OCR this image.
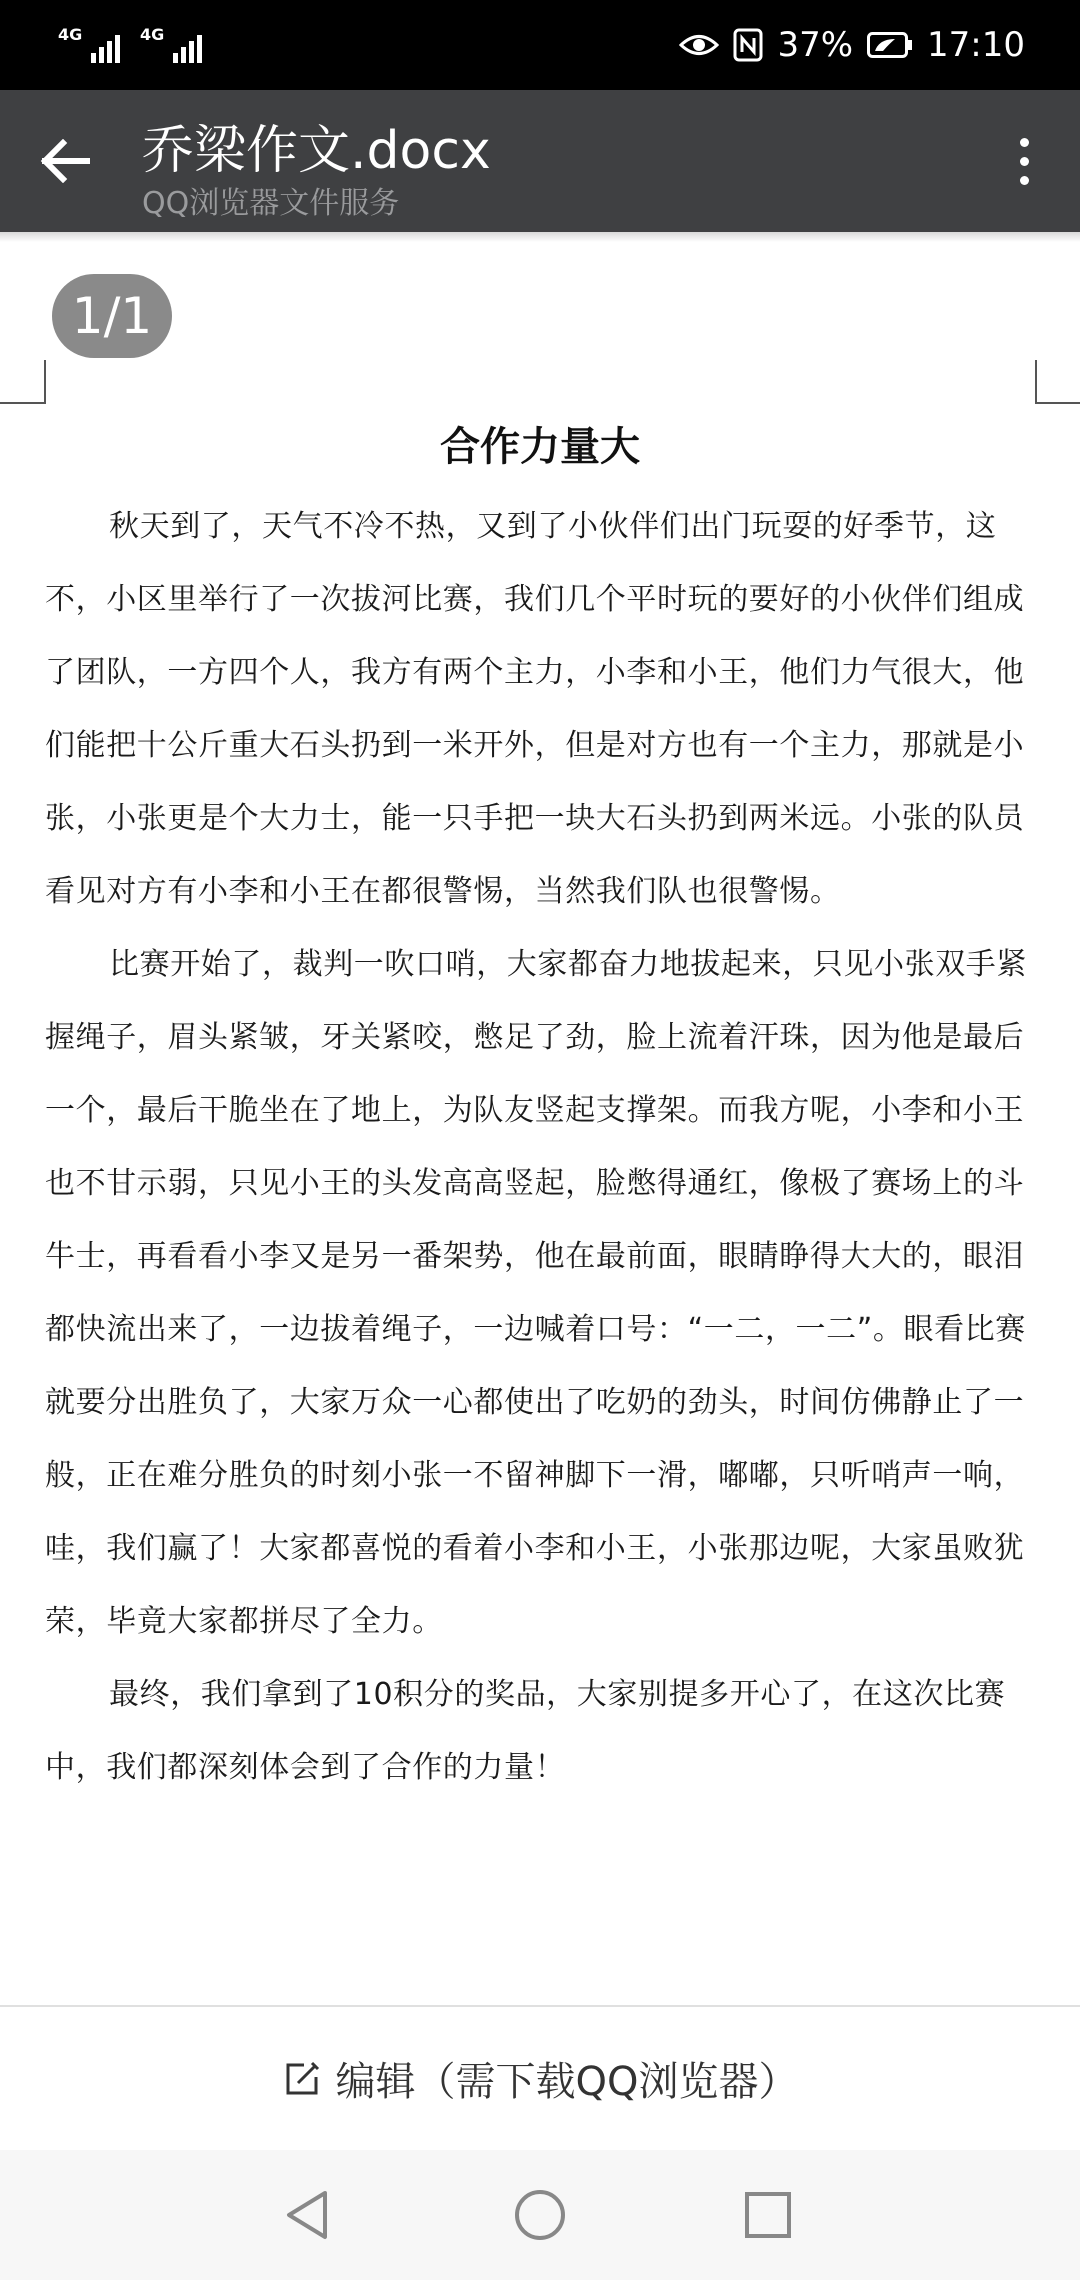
4G	4G	37% 17:10
乔梁作文.docx
QQ浏览器文件服务
1/1
合作力量大

秋天到了，天气不冷不热，又到了小伙伴们出门玩耍的好季节，这不，小区里举行了一次拔河比赛，我们几个平时玩的要好的小伙伴们组成了团队，一方四个人，我方有两个主力，小李和小王，他们力气很大，他们能把十公斤重大石头扔到一米开外，但是对方也有一个主力，那就是小张，小张更是个大力士，能一只手把一块大石头扔到两米远。小张的队员看见对方有小李和小王在都很警惕，当然我们队也很警惕。

比赛开始了，裁判一吹口哨，大家都奋力地拔起来，只见小张双手紧握绳子，眉头紧皱，牙关紧咬，憋足了劲，脸上流着汗珠，因为他是最后一个，最后干脆坐在了地上，为队友竖起支撑架。而我方呢，小李和小王也不甘示弱，只见小王的头发高高竖起，脸憋得通红，像极了赛场上的斗牛士，再看看小李又是另一番架势，他在最前面，眼睛睁得大大的，眼泪都快流出来了，一边拔着绳子，一边喊着口号：“一二，一二”。眼看比赛就要分出胜负了，大家万众一心都使出了吃奶的劲头，时间仿佛静止了一般，正在难分胜负的时刻小张一不留神脚下一滑，嘟嘟，只听哨声一响，哇，我们赢了！大家都喜悦的看着小李和小王，小张那边呢，大家虽败犹荣，毕竟大家都拼尽了全力。

最终，我们拿到了10积分的奖品，大家别提多开心了，在这次比赛中，我们都深刻体会到了合作的力量！

编辑（需下载QQ浏览器）
